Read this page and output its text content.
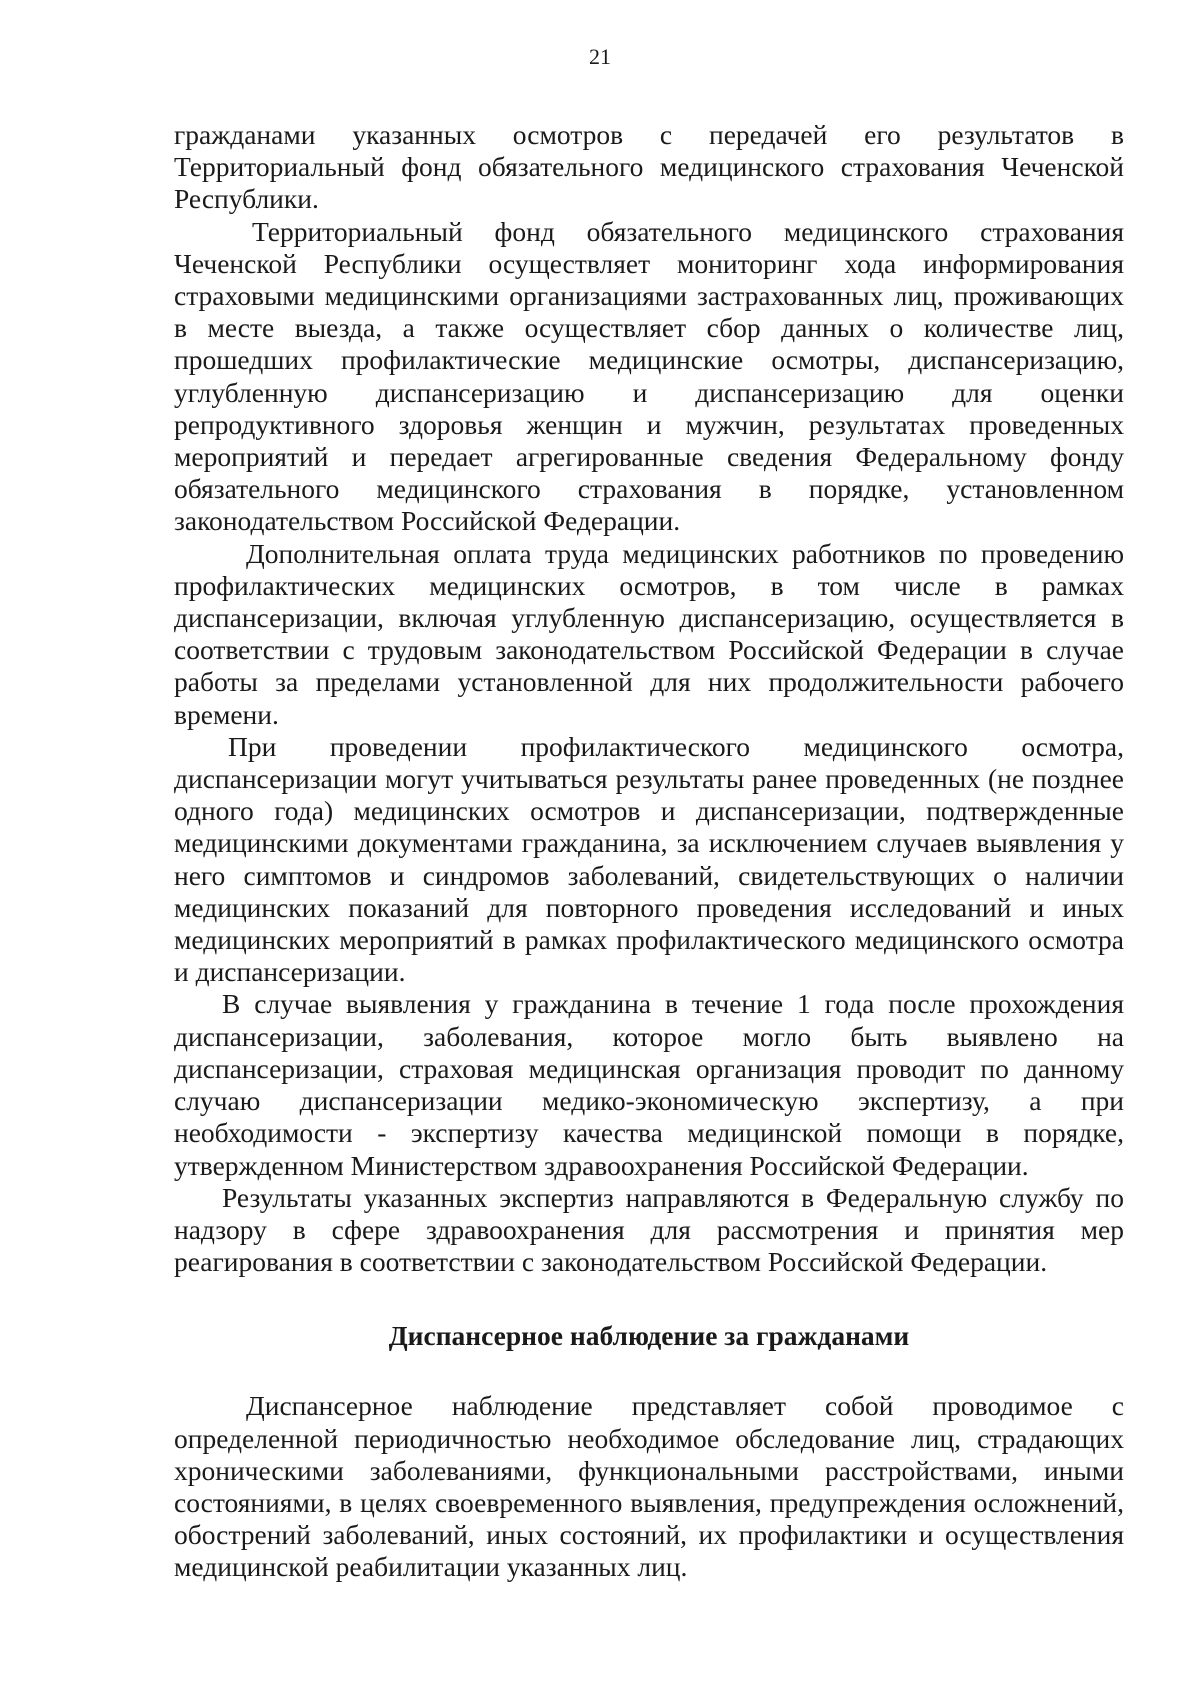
21

гражданами указанных осмотров с передачей его результатов в Территориальный фонд обязательного медицинского страхования Чеченской Республики.

Территориальный фонд обязательного медицинского страхования Чеченской Республики осуществляет мониторинг хода информирования страховыми медицинскими организациями застрахованных лиц, проживающих в месте выезда, а также осуществляет сбор данных о количестве лиц, прошедших профилактические медицинские осмотры, диспансеризацию, углубленную диспансеризацию и диспансеризацию для оценки репродуктивного здоровья женщин и мужчин, результатах проведенных мероприятий и передает агрегированные сведения Федеральному фонду обязательного медицинского страхования в порядке, установленном законодательством Российской Федерации.

Дополнительная оплата труда медицинских работников по проведению профилактических медицинских осмотров, в том числе в рамках диспансеризации, включая углубленную диспансеризацию, осуществляется в соответствии с трудовым законодательством Российской Федерации в случае работы за пределами установленной для них продолжительности рабочего времени.

При проведении профилактического медицинского осмотра, диспансеризации могут учитываться результаты ранее проведенных (не позднее одного года) медицинских осмотров и диспансеризации, подтвержденные медицинскими документами гражданина, за исключением случаев выявления у него симптомов и синдромов заболеваний, свидетельствующих о наличии медицинских показаний для повторного проведения исследований и иных медицинских мероприятий в рамках профилактического медицинского осмотра и диспансеризации.

В случае выявления у гражданина в течение 1 года после прохождения диспансеризации, заболевания, которое могло быть выявлено на диспансеризации, страховая медицинская организация проводит по данному случаю диспансеризации медико-экономическую экспертизу, а при необходимости - экспертизу качества медицинской помощи в порядке, утвержденном Министерством здравоохранения Российской Федерации.

Результаты указанных экспертиз направляются в Федеральную службу по надзору в сфере здравоохранения для рассмотрения и принятия мер реагирования в соответствии с законодательством Российской Федерации.

Диспансерное наблюдение за гражданами

Диспансерное наблюдение представляет собой проводимое с определенной периодичностью необходимое обследование лиц, страдающих хроническими заболеваниями, функциональными расстройствами, иными состояниями, в целях своевременного выявления, предупреждения осложнений, обострений заболеваний, иных состояний, их профилактики и осуществления медицинской реабилитации указанных лиц.
